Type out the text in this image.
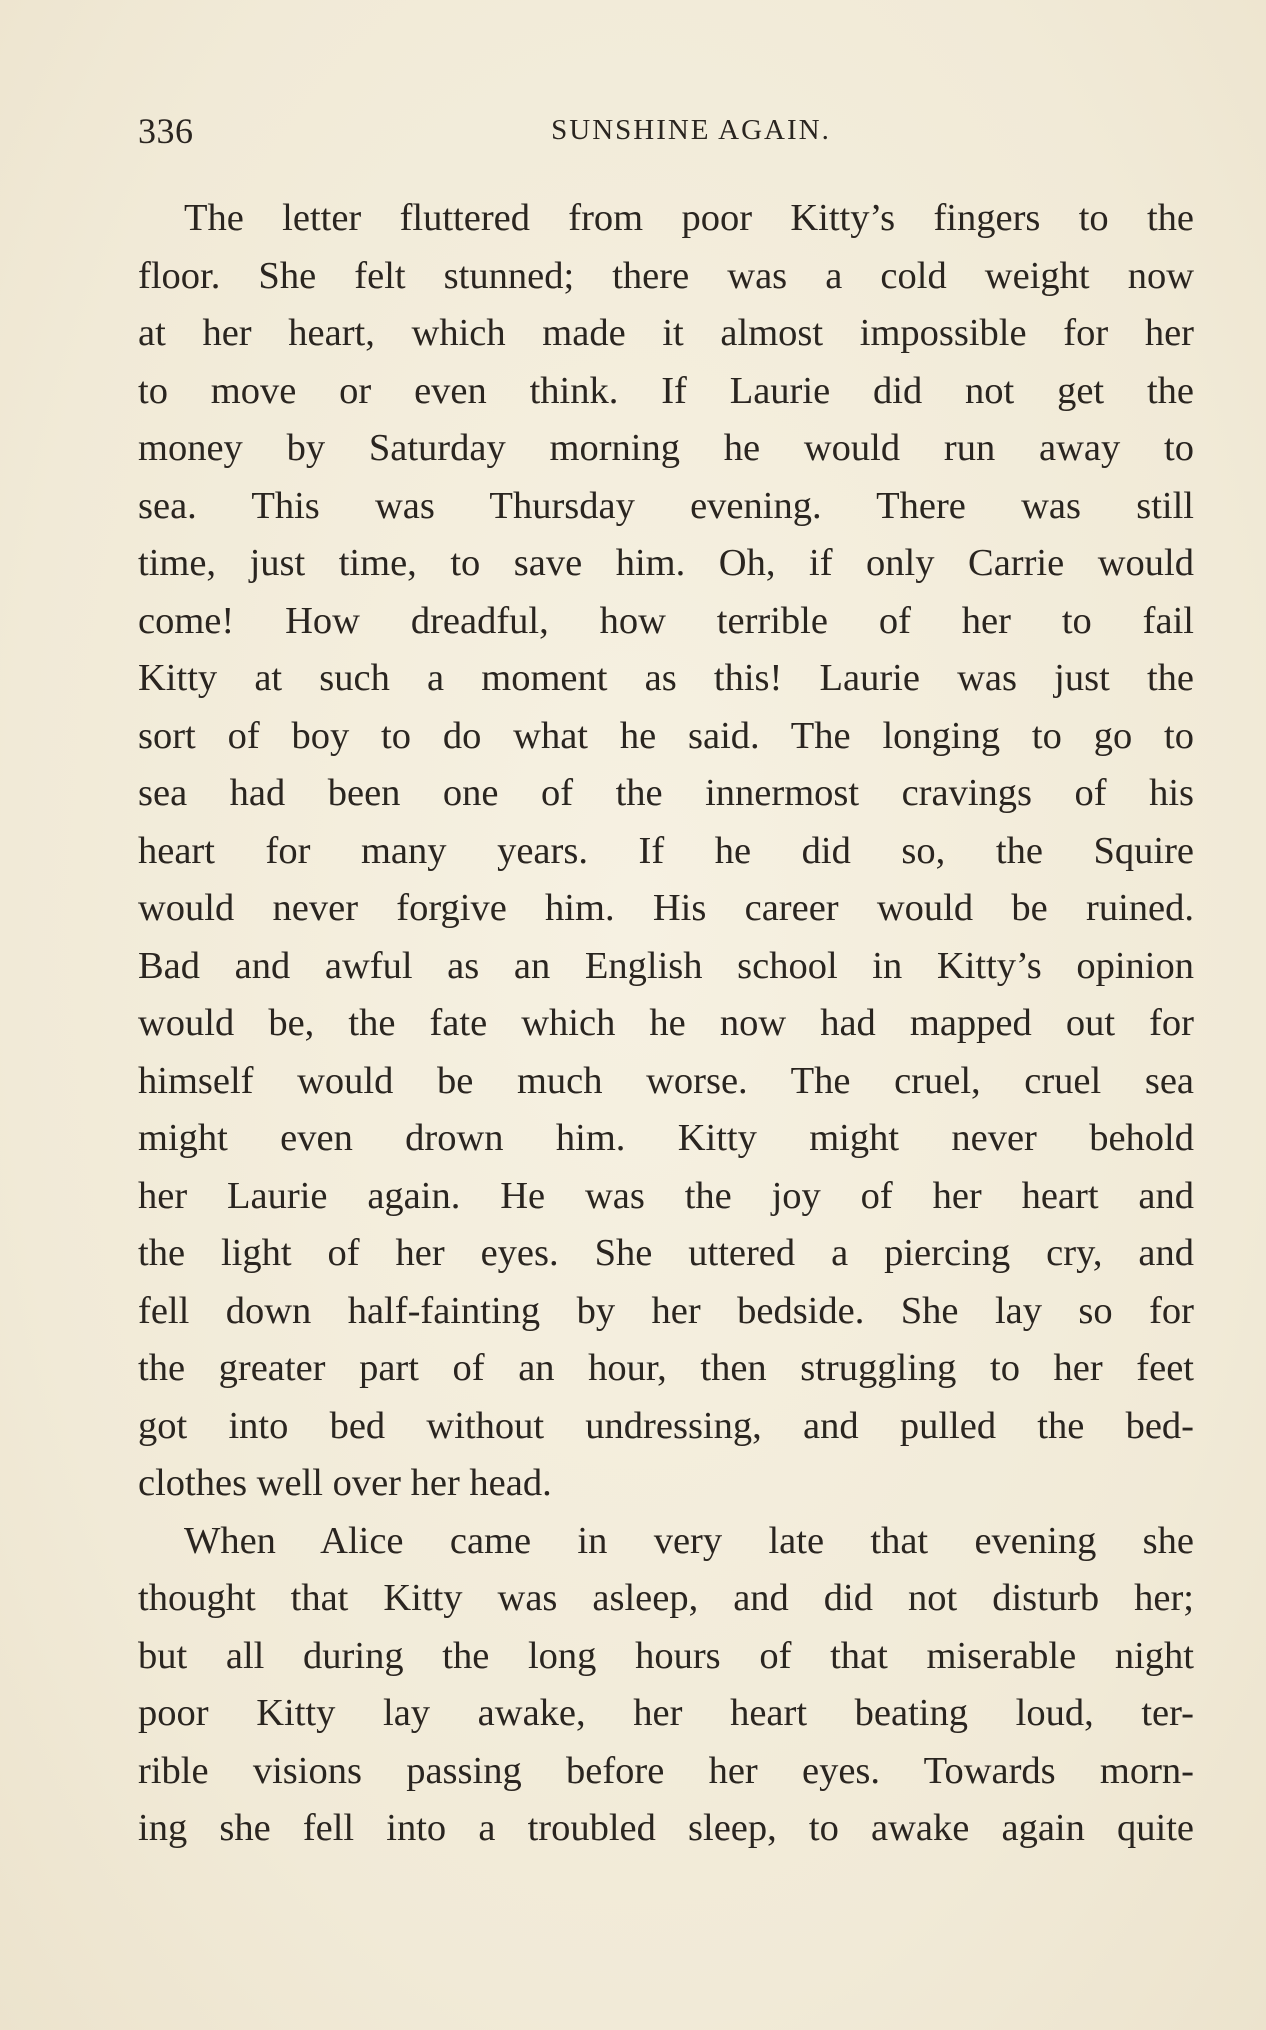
336	SUNSHINE AGAIN.
The letter fluttered from poor Kitty’s fingers to the
floor. She felt stunned; there was a cold weight now
at her heart, which made it almost impossible for her
to move or even think. If Laurie did not get the
money by Saturday morning he would run away to
sea. This was Thursday evening. There was still
time, just time, to save him. Oh, if only Carrie would
come! How dreadful, how terrible of her to fail
Kitty at such a moment as this! Laurie was just the
sort of boy to do what he said. The longing to go to
sea had been one of the innermost cravings of his
heart for many years. If he did so, the Squire
would never forgive him. His career would be ruined.
Bad and awful as an English school in Kitty’s opinion
would be, the fate which he now had mapped out for
himself would be much worse. The cruel, cruel sea
might even drown him. Kitty might never behold
her Laurie again. He was the joy of her heart and
the light of her eyes. She uttered a piercing cry, and
fell down half-fainting by her bedside. She lay so for
the greater part of an hour, then struggling to her feet
got into bed without undressing, and pulled the bed-
clothes well over her head.
When Alice came in very late that evening she
thought that Kitty was asleep, and did not disturb her;
but all during the long hours of that miserable night
poor Kitty lay awake, her heart beating loud, ter-
rible visions passing before her eyes. Towards morn-
ing she fell into a troubled sleep, to awake again quite
